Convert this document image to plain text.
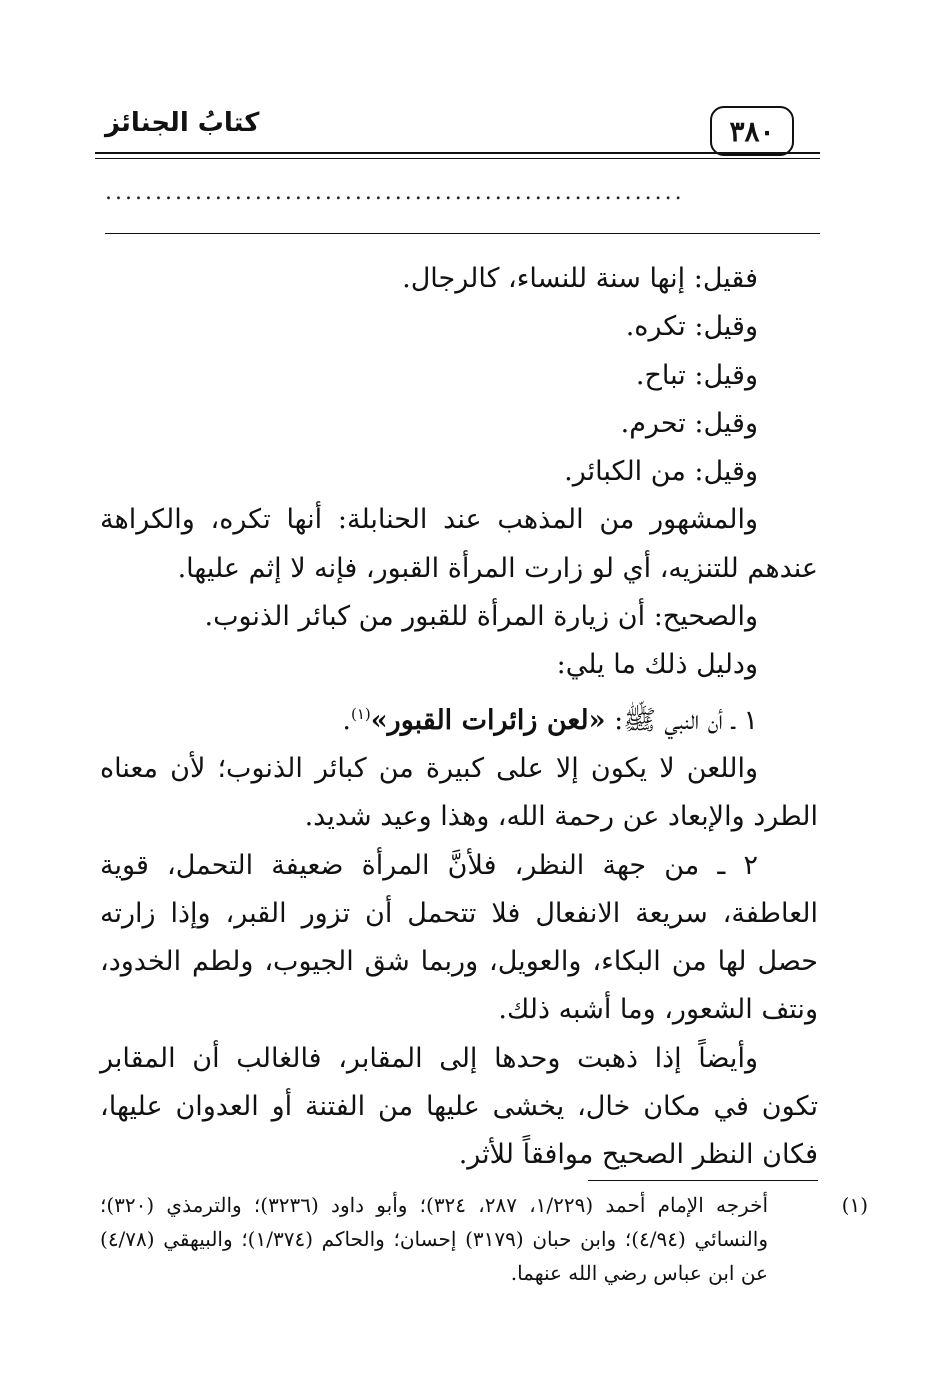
كتابُ الجنائز	٣٨٠
..........................................................

فقيل: إنها سنة للنساء، كالرجال.

وقيل: تكره.

وقيل: تباح.

وقيل: تحرم.

وقيل: من الكبائر.

والمشهور من المذهب عند الحنابلة: أنها تكره، والكراهة عندهم للتنزيه، أي لو زارت المرأة القبور، فإنه لا إثم عليها.

والصحيح: أن زيارة المرأة للقبور من كبائر الذنوب.

ودليل ذلك ما يلي:

١ ـ أن النبي ﷺ: «لعن زائرات القبور»$^{(١)}$.

واللعن لا يكون إلا على كبيرة من كبائر الذنوب؛ لأن معناه الطرد والإبعاد عن رحمة الله، وهذا وعيد شديد.

٢ ـ من جهة النظر، فلأنَّ المرأة ضعيفة التحمل، قوية العاطفة، سريعة الانفعال فلا تتحمل أن تزور القبر، وإذا زارته حصل لها من البكاء، والعويل، وربما شق الجيوب، ولطم الخدود، ونتف الشعور، وما أشبه ذلك.

وأيضاً إذا ذهبت وحدها إلى المقابر، فالغالب أن المقابر تكون في مكان خال، يخشى عليها من الفتنة أو العدوان عليها، فكان النظر الصحيح موافقاً للأثر.

(١)أخرجه الإمام أحمد (١/٢٢٩، ٢٨٧، ٣٢٤)؛ وأبو داود (٣٢٣٦)؛ والترمذي (٣٢٠)؛ والنسائي (٤/٩٤)؛ وابن حبان (٣١٧٩) إحسان؛ والحاكم (١/٣٧٤)؛ والبيهقي (٤/٧٨) عن ابن عباس رضي الله عنهما.
